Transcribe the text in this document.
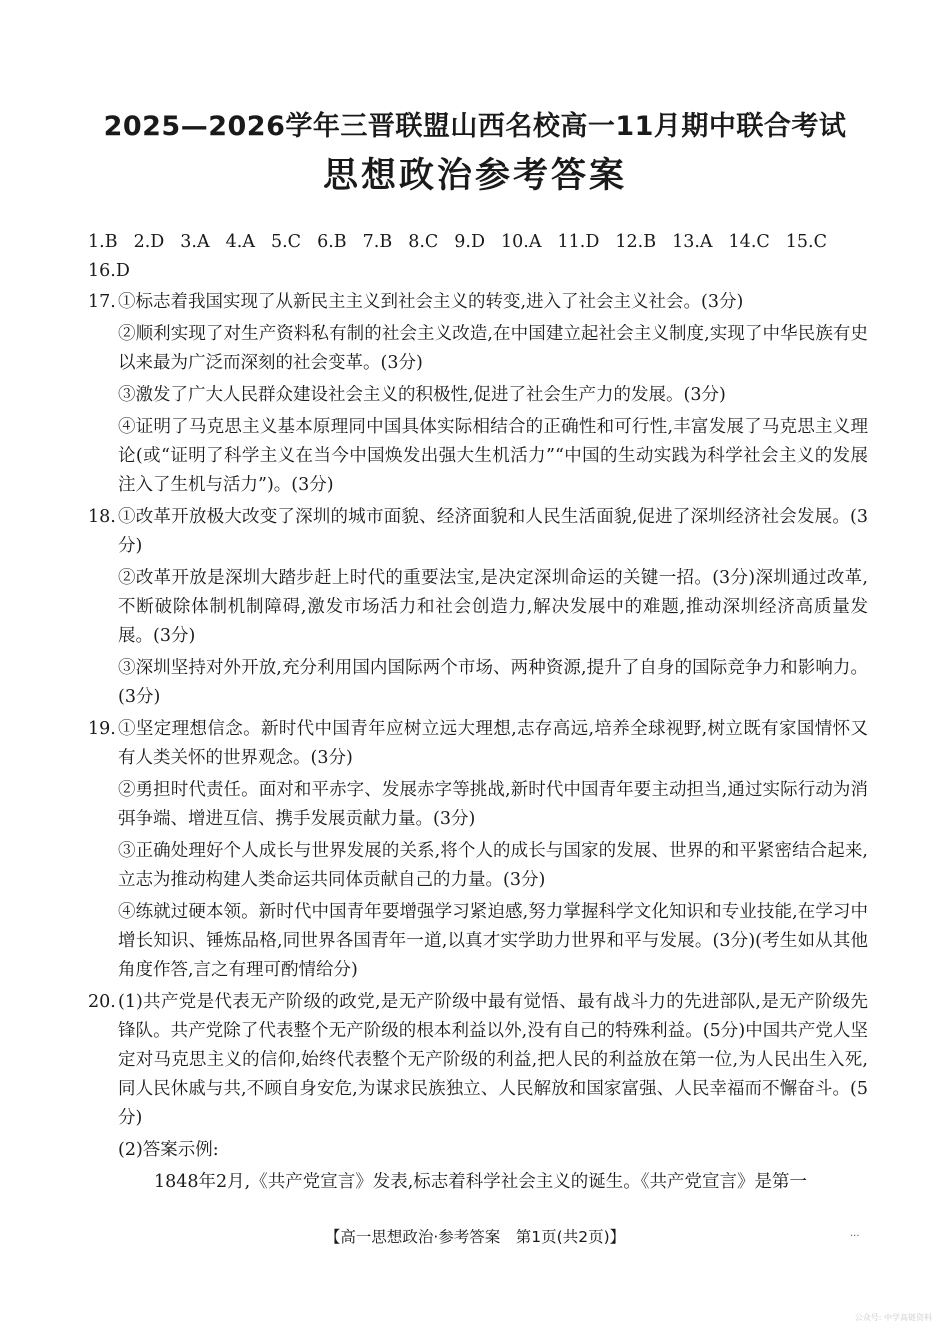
2025—2026学年三晋联盟山西名校高一11月期中联合考试
思想政治参考答案
1.B 2.D 3.A 4.A 5.C 6.B 7.B 8.C 9.D 10.A 11.D 12.B 13.A 14.C 15.C
16.D
17. ①标志着我国实现了从新民主主义到社会主义的转变,进入了社会主义社会。(3分)

②顺利实现了对生产资料私有制的社会主义改造,在中国建立起社会主义制度,实现了中华民族有史以来最为广泛而深刻的社会变革。(3分)

③激发了广大人民群众建设社会主义的积极性,促进了社会生产力的发展。(3分)

④证明了马克思主义基本原理同中国具体实际相结合的正确性和可行性,丰富发展了马克思主义理论(或“证明了科学主义在当今中国焕发出强大生机活力”“中国的生动实践为科学社会主义的发展注入了生机与活力”)。(3分)

18. ①改革开放极大改变了深圳的城市面貌、经济面貌和人民生活面貌,促进了深圳经济社会发展。(3分)

②改革开放是深圳大踏步赶上时代的重要法宝,是决定深圳命运的关键一招。(3分)深圳通过改革,不断破除体制机制障碍,激发市场活力和社会创造力,解决发展中的难题,推动深圳经济高质量发展。(3分)

③深圳坚持对外开放,充分利用国内国际两个市场、两种资源,提升了自身的国际竞争力和影响力。(3分)

19. ①坚定理想信念。新时代中国青年应树立远大理想,志存高远,培养全球视野,树立既有家国情怀又有人类关怀的世界观念。(3分)

②勇担时代责任。面对和平赤字、发展赤字等挑战,新时代中国青年要主动担当,通过实际行动为消弭争端、增进互信、携手发展贡献力量。(3分)

③正确处理好个人成长与世界发展的关系,将个人的成长与国家的发展、世界的和平紧密结合起来,立志为推动构建人类命运共同体贡献自己的力量。(3分)

④练就过硬本领。新时代中国青年要增强学习紧迫感,努力掌握科学文化知识和专业技能,在学习中增长知识、锤炼品格,同世界各国青年一道,以真才实学助力世界和平与发展。(3分)(考生如从其他角度作答,言之有理可酌情给分)

20. (1)共产党是代表无产阶级的政党,是无产阶级中最有觉悟、最有战斗力的先进部队,是无产阶级先锋队。共产党除了代表整个无产阶级的根本利益以外,没有自己的特殊利益。(5分)中国共产党人坚定对马克思主义的信仰,始终代表整个无产阶级的利益,把人民的利益放在第一位,为人民出生入死,同人民休戚与共,不顾自身安危,为谋求民族独立、人民解放和国家富强、人民幸福而不懈奋斗。(5分)

(2)答案示例:

1848年2月,《共产党宣言》发表,标志着科学社会主义的诞生。《共产党宣言》是第一

【高一思想政治·参考答案　第1页(共2页)】	...
公众号: 中学高链资料
